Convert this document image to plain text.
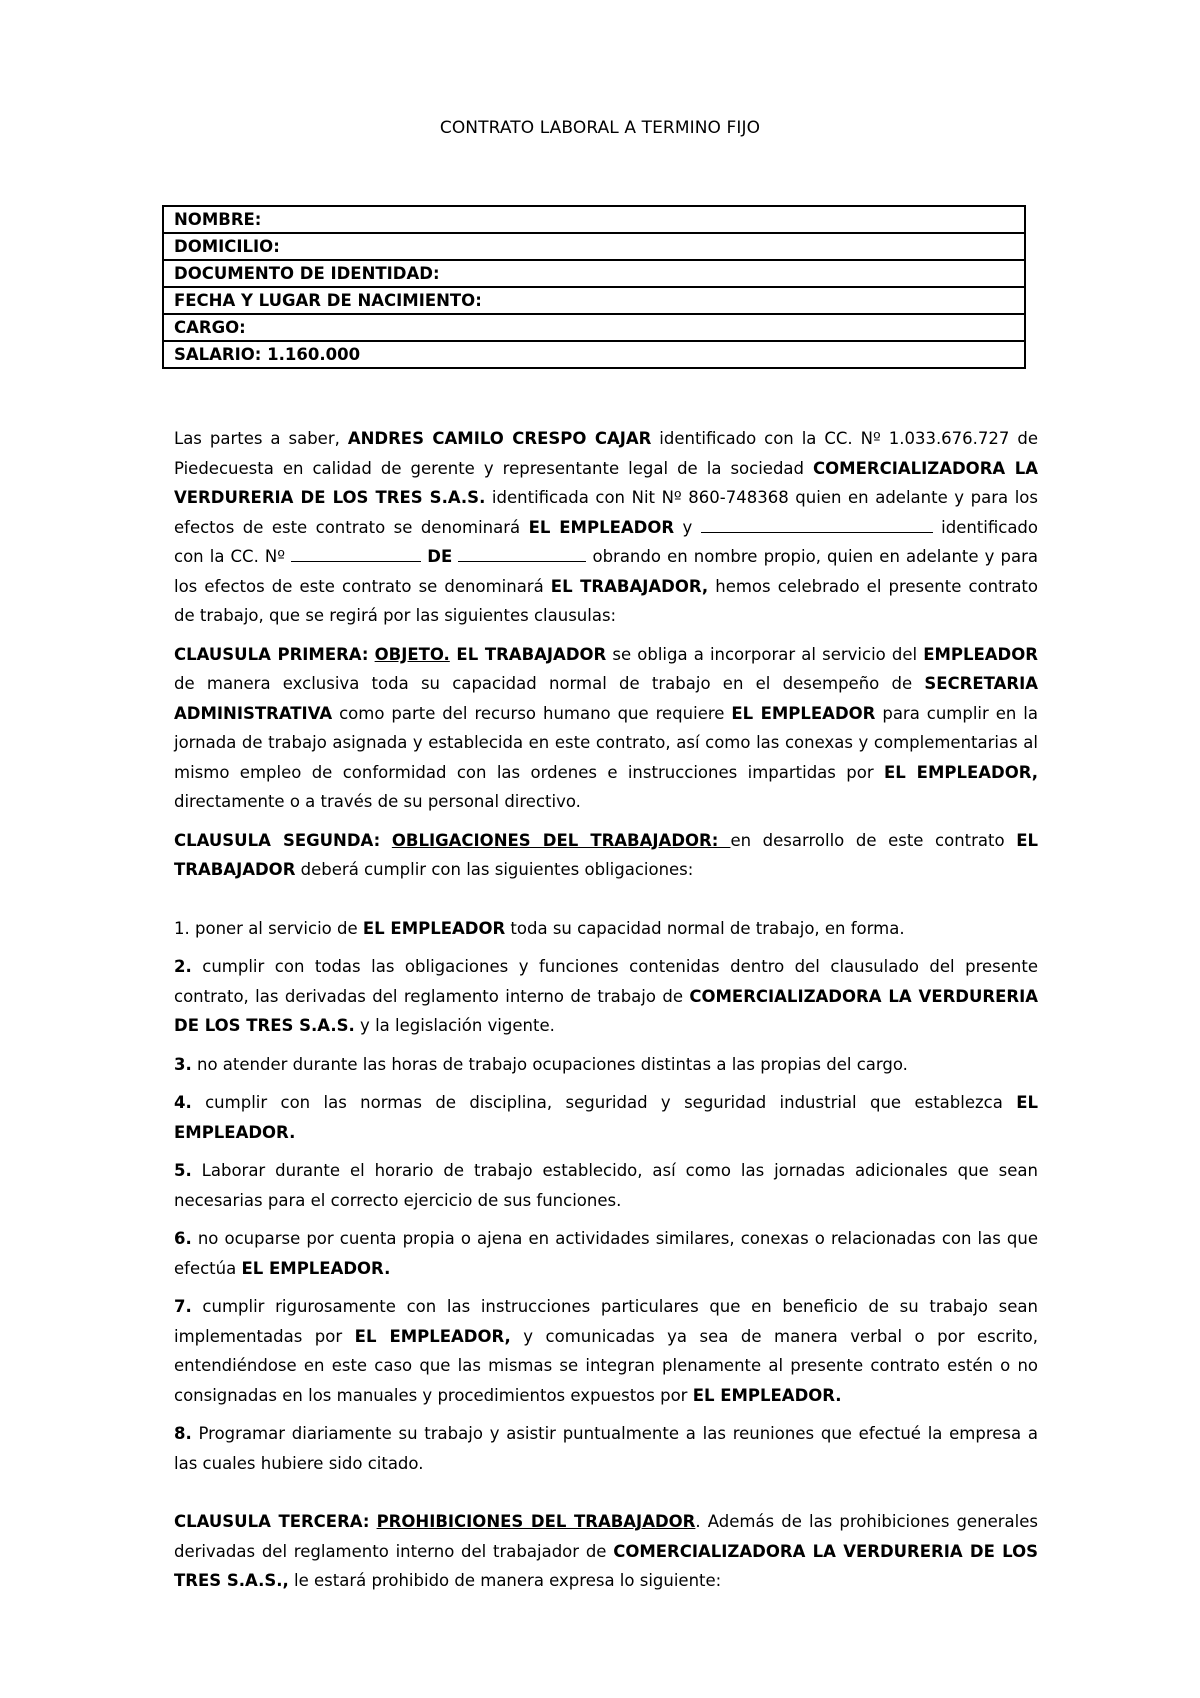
CONTRATO LABORAL A TERMINO FIJO
NOMBRE:
DOMICILIO:
DOCUMENTO DE IDENTIDAD:
FECHA Y LUGAR DE NACIMIENTO:
CARGO:
SALARIO: 1.160.000

Las partes a saber, ANDRES CAMILO CRESPO CAJAR identificado con la CC. Nº 1.033.676.727 de Piedecuesta en calidad de gerente y representante legal de la sociedad COMERCIALIZADORA LA VERDURERIA DE LOS TRES S.A.S. identificada con Nit Nº 860-748368 quien en adelante y para los efectos de este contrato se denominará EL EMPLEADOR y	identificado con la CC. Nº	DE	obrando en nombre propio, quien en adelante y para los efectos de este contrato se denominará EL TRABAJADOR, hemos celebrado el presente contrato de trabajo, que se regirá por las siguientes clausulas:

CLAUSULA PRIMERA: OBJETO. EL TRABAJADOR se obliga a incorporar al servicio del EMPLEADOR de manera exclusiva toda su capacidad normal de trabajo en el desempeño de SECRETARIA ADMINISTRATIVA como parte del recurso humano que requiere EL EMPLEADOR para cumplir en la jornada de trabajo asignada y establecida en este contrato, así como las conexas y complementarias al mismo empleo de conformidad con las ordenes e instrucciones impartidas por EL EMPLEADOR, directamente o a través de su personal directivo.

CLAUSULA SEGUNDA: OBLIGACIONES DEL TRABAJADOR: en desarrollo de este contrato EL TRABAJADOR deberá cumplir con las siguientes obligaciones:

1. poner al servicio de EL EMPLEADOR toda su capacidad normal de trabajo, en forma.

2. cumplir con todas las obligaciones y funciones contenidas dentro del clausulado del presente contrato, las derivadas del reglamento interno de trabajo de COMERCIALIZADORA LA VERDURERIA DE LOS TRES S.A.S. y la legislación vigente.

3. no atender durante las horas de trabajo ocupaciones distintas a las propias del cargo.

4. cumplir con las normas de disciplina, seguridad y seguridad industrial que establezca EL EMPLEADOR.

5. Laborar durante el horario de trabajo establecido, así como las jornadas adicionales que sean necesarias para el correcto ejercicio de sus funciones.

6. no ocuparse por cuenta propia o ajena en actividades similares, conexas o relacionadas con las que efectúa EL EMPLEADOR.

7. cumplir rigurosamente con las instrucciones particulares que en beneficio de su trabajo sean implementadas por EL EMPLEADOR, y comunicadas ya sea de manera verbal o por escrito, entendiéndose en este caso que las mismas se integran plenamente al presente contrato estén o no consignadas en los manuales y procedimientos expuestos por EL EMPLEADOR.

8. Programar diariamente su trabajo y asistir puntualmente a las reuniones que efectué la empresa a las cuales hubiere sido citado.

CLAUSULA TERCERA: PROHIBICIONES DEL TRABAJADOR. Además de las prohibiciones generales derivadas del reglamento interno del trabajador de COMERCIALIZADORA LA VERDURERIA DE LOS TRES S.A.S., le estará prohibido de manera expresa lo siguiente:
